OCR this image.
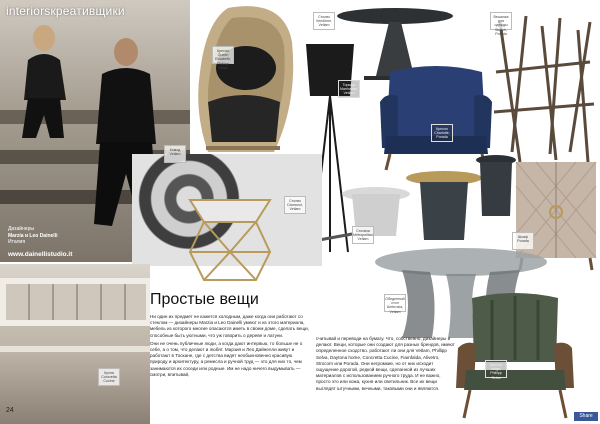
Дизайнеры
Marzia и Leo Dainelli
Италия
www.dainellistudio.it
interiorsкреативщики
24
Простые вещи

Ни один их предмет не кажется холодным, даже когда они работают со стеклом — дизайнеры Marzia и Leo Dainelli умеют и из этого материала, мебель из которого многие опасаются иметь в своем доме, сделать вещи, способные быть уютными, что уж говорить о дереве и латуни.

Они не очень публичные люди, а когда дают интервью, то больше не о себе, а о том, что делают и любят. Марзия и Лео Дайнелли живут и работают в Тоскане, где с детства видят необыкновенно красивую природу и архитектуру, а ремесла и ручной труд — это для них то, чем занимаются их соседи или родные. Им не надо ничего выдумывать — смотри, впитывай,

считывай и переводи на бумагу. Что, собственно, дизайнеры и делают. Вещи, которые они создают для разных брендов, имеют определенное сходство. работают ли они для Vetlam, Phillipp Selva, Daytona home, Concretta Cucine, Fiamfalda, Alivetrо, Strxcorn или Porada. Они негромкие, но от них исходит ощущение дорогой, редкой вещи, сделанной из лучших материалов с использованием ручного труда. И не важно, просто это или кожа, кухня или светильник. Все их вещи выглядят штучными, вечными, таковыми они и являются.

Кресло Queen Elisabeth, Phillipp Selva
Столик Vendôme, Vetlam
Торшер Manhattan, Vetlam
Вешалка для одежды Sketch, Porada
Кресло Charlotte, Porada
Комод Vetlam
Столик Diamond, Vetlam
Столики Metropolitan, Vetlam
Шкаф Porada
Обеденный стол Ambrosia, Vetlam
Кухня Concretta Cucine
Кресло Indigo, Phillipp Selva
Share
